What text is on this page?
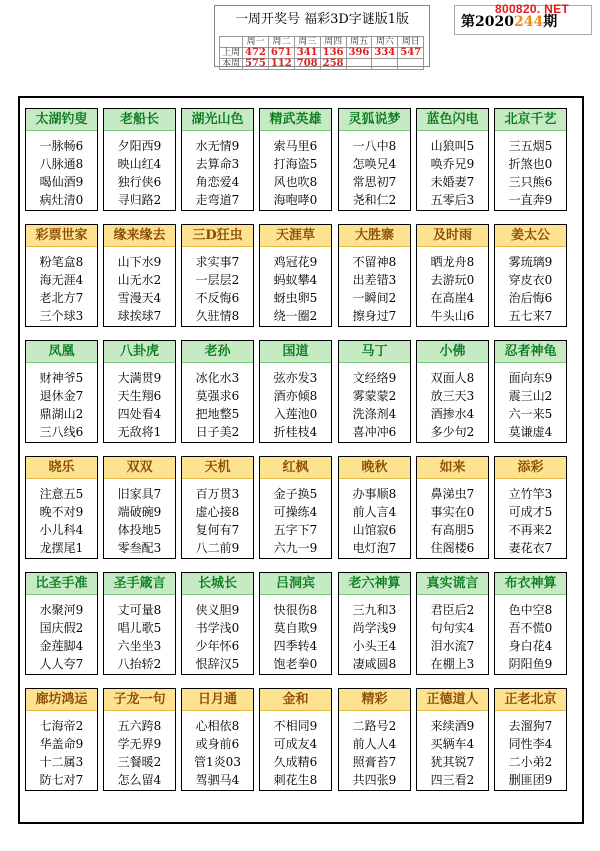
一周开奖号 福彩3D字谜版1版
	周一	周二	周三	周四	周五	周六	周日
上周	472	671	341	136	396	334	547
本周	575	112	708	258			
第2020244期
800820. NET
太湖钓叟
一脉畅6
八脉通8
喝仙酒9
病灶清0
老船长
夕阳西9
映山红4
独行侠6
寻归路2
湖光山色
水无情9
去算命3
角恋爱4
走弯道7
精武英雄
索马里6
打海盗5
风也吹8
海咆哮0
灵狐说梦
一八中8
怎唤兄4
常思初7
尧和仁2
蓝色闪电
山狼叫5
唤乔兄9
未婚妻7
五零后3
北京千艺
三五烟5
折煞也0
三只熊6
一直奔9
彩票世家
粉笔盒8
海无涯4
老北方7
三个球3
缘来缘去
山下水9
山无水2
雪漫天4
球挨球7
三D狂虫
求实事7
一层层2
不反悔6
久驻情8
天涯草
鸡冠花9
蚂蚁攀4
蚜虫卵5
绕一圈2
大胜寨
不留神8
出差错3
一瞬间2
擦身过7
及时雨
晒龙舟8
去游玩0
在高崖4
牛头山6
姜太公
雾琉璃9
穿皮衣0
治后悔6
五七来7
凤凰
财神爷5
退休金7
鼎湖山2
三八线6
八卦虎
大满贯9
天生翔6
四处看4
无敌将1
老孙
冰化水3
莫强求6
把地整5
日子美2
国道
弦亦发3
酒亦倾8
入莲池0
折桂枝4
马丁
文经络9
雾蒙蒙2
洗涤剂4
喜冲冲6
小佛
双面人8
放三天3
酒掺水4
多少句2
忍者神龟
面向东9
震三山2
六一来5
莫谦虚4
晓乐
注意五5
晚不对9
小儿科4
龙摆尾1
双双
旧家具7
端破碗9
体投地5
零叁配3
天机
百万贯3
虚心接8
复何有7
八二前9
红枫
金子换5
可操练4
五字下7
六九一9
晚秋
办事顺8
前人言4
山馆寂6
电灯泡7
如来
鼻涕虫7
事实在0
有高朋5
住阁楼6
添彩
立竹竿3
可成才5
不再来2
妻花衣7
比圣手准
水聚河9
国庆假2
金莲脚4
人人夸7
圣手箴言
丈可量8
唱儿歌5
六坐坐3
八抬轿2
长城长
侠义胆9
书学浅0
少年怀6
恨辞汉5
吕洞宾
快很伤8
莫自欺9
四季转4
饱老拳0
老六神算
三九和3
尚学浅9
小头王4
凄咸圆8
真实谎言
君臣后2
句句实4
泪水流7
在棚上3
布衣神算
色中空8
吾不慌0
身白花4
阴阳鱼9
廊坊鸿运
七海帝2
华盖命9
十二属3
防七对7
子龙一句
五六跨8
学无界9
三餐暖2
怎么留4
日月通
心相依8
或身前6
管1炎03
驾驷马4
金和
不相同9
可成友4
久成精6
刺花生8
精彩
二路号2
前人人4
照膏苔7
共四张9
正德道人
来续酒9
买辆车4
犹其锐7
四三看2
正老北京
去溜狗7
同性李4
二小弟2
删匪团9
